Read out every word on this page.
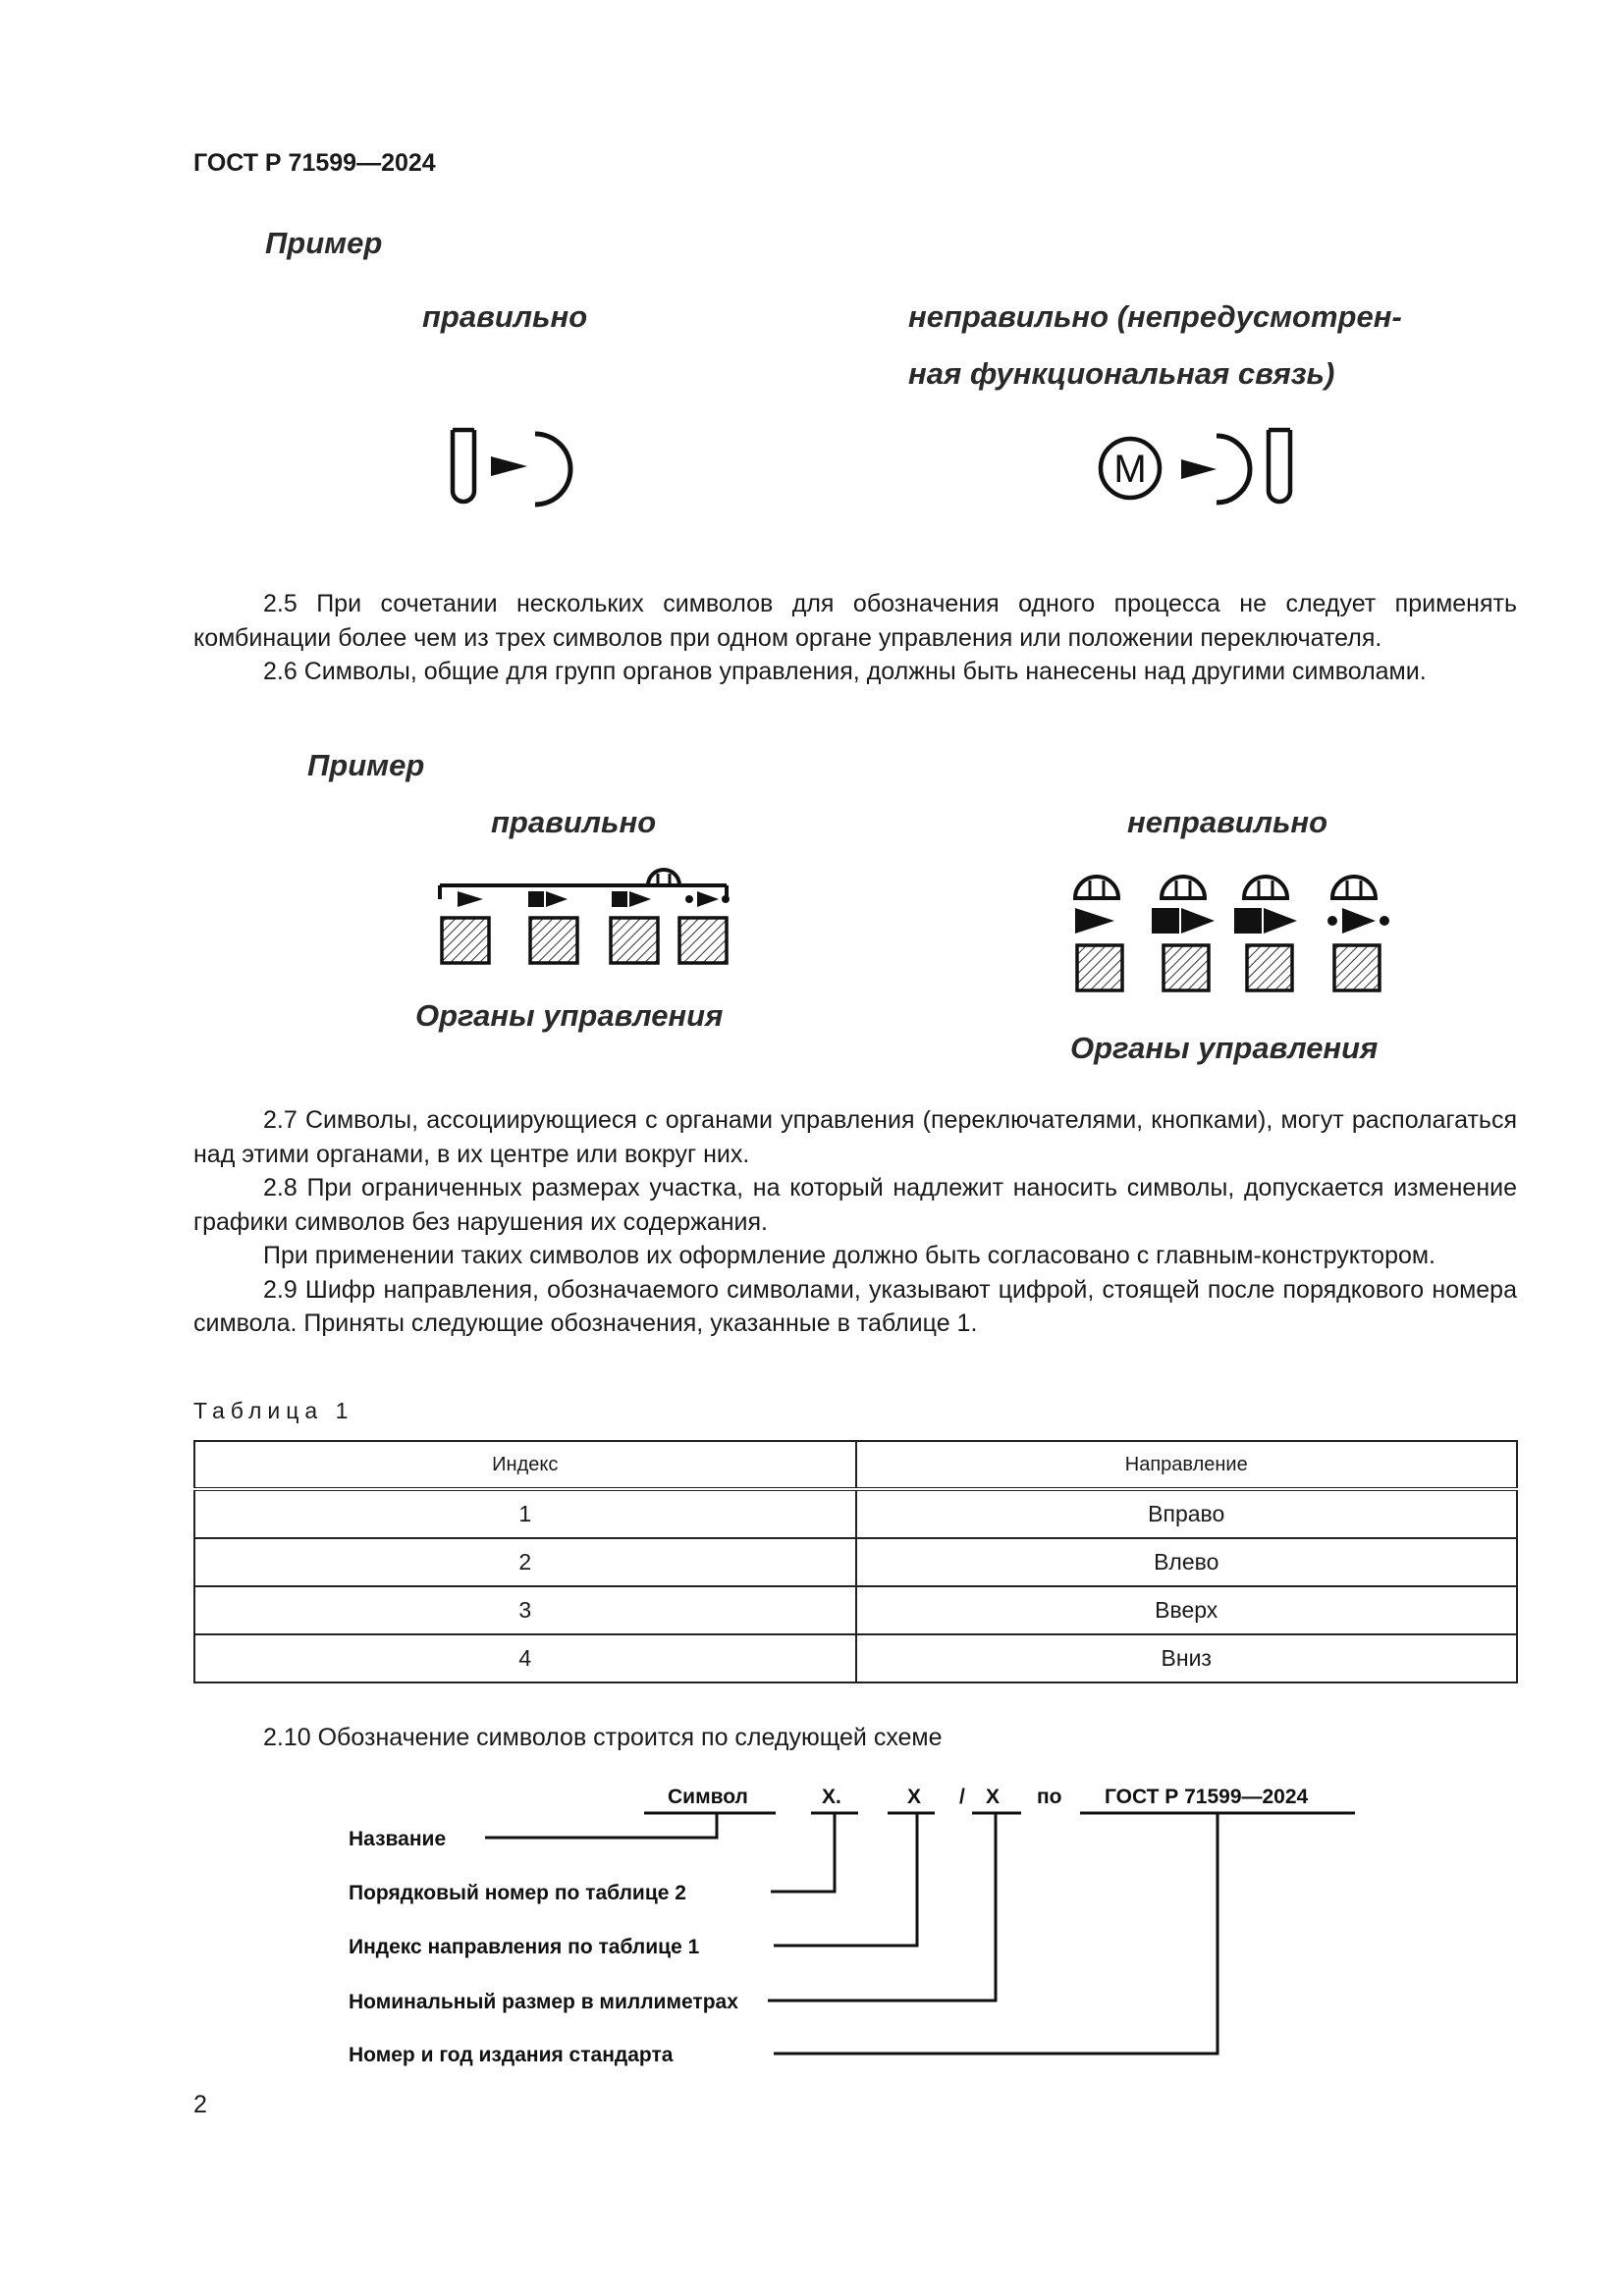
ГОСТ Р 71599—2024
Пример
правильно	неправильно (непредусмотрен-
ная функциональная связь)
M

2.5 При сочетании нескольких символов для обозначения одного процесса не следует применять комбинации более чем из трех символов при одном органе управления или положении переключателя.

2.6 Символы, общие для групп органов управления, должны быть нанесены над другими символами.

Пример
правильно	неправильно
Органы управления
Органы управления

2.7 Символы, ассоциирующиеся с органами управления (переключателями, кнопками), могут располагаться над этими органами, в их центре или вокруг них.

2.8 При ограниченных размерах участка, на который надлежит наносить символы, допускается изменение графики символов без нарушения их содержания.

При применении таких символов их оформление должно быть согласовано с главным-конструктором.

2.9 Шифр направления, обозначаемого символами, указывают цифрой, стоящей после порядкового номера символа. Приняты следующие обозначения, указанные в таблице 1.

Таблица 1
Индекс	Направление
1	Вправо
2	Влево
3	Вверх
4	Вниз

2.10 Обозначение символов строится по следующей схеме

Символ	X.	X / X по ГОСТ Р 71599—2024
Название
Порядковый номер по таблице 2
Индекс направления по таблице 1
Номинальный размер в миллиметрах
Номер и год издания стандарта
2
